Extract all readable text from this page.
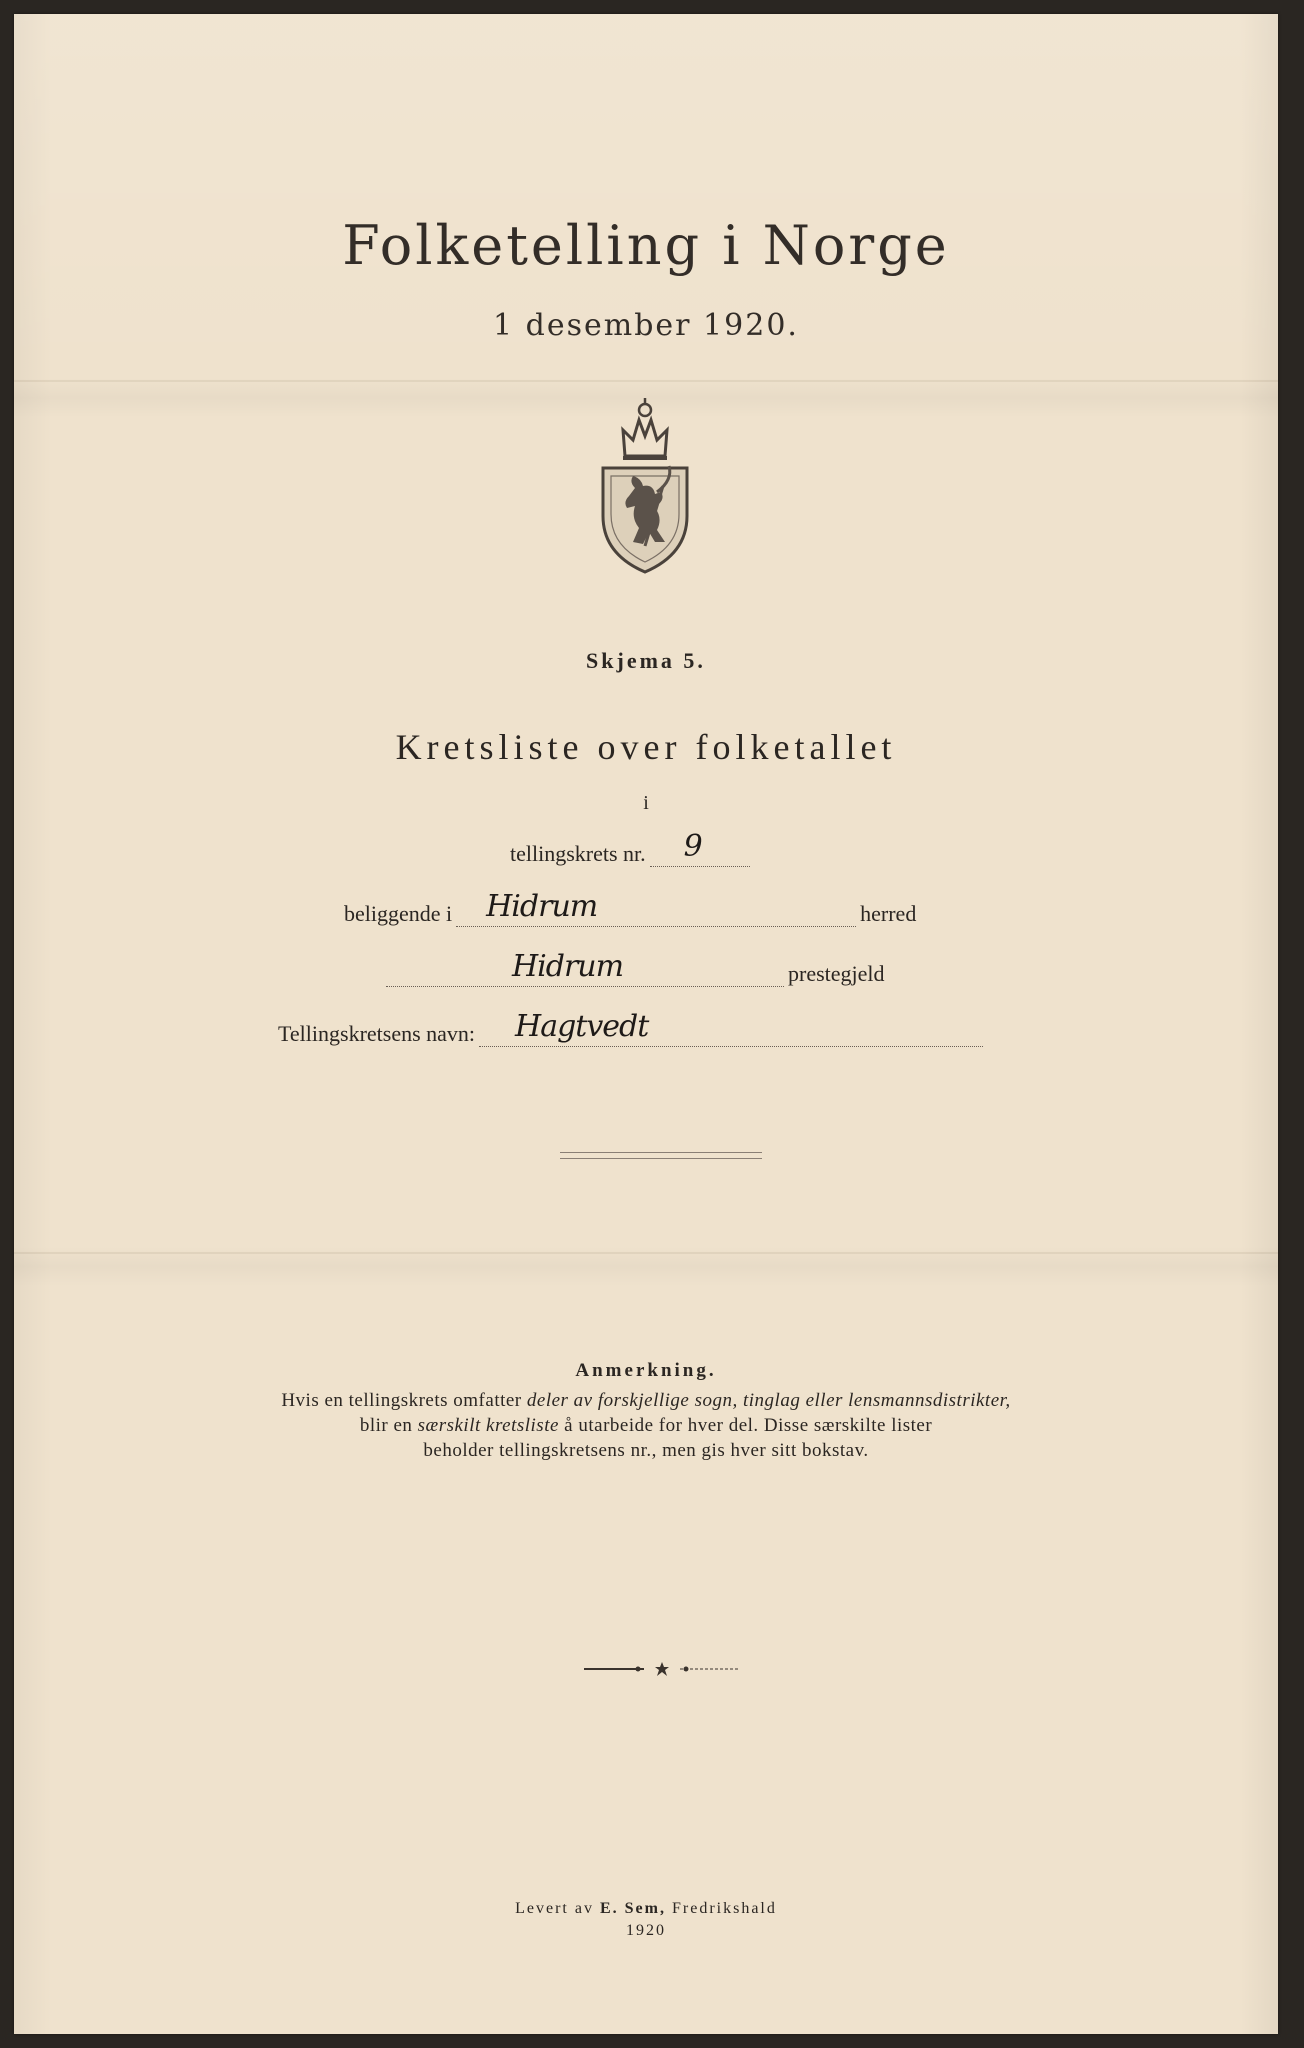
Folketelling i Norge
1 desember 1920.
Skjema 5.
Kretsliste over folketallet
i
tellingskrets nr. 9
beliggende i Hidrum	herred
Hidrum	prestegjeld
Tellingskretsens navn: Hagtvedt
Anmerkning.
Hvis en tellingskrets omfatter deler av forskjellige sogn, tinglag eller lensmannsdistrikter,
blir en særskilt kretsliste å utarbeide for hver del. Disse særskilte lister
beholder tellingskretsens nr., men gis hver sitt bokstav.
Levert av E. Sem, Fredrikshald
1920
